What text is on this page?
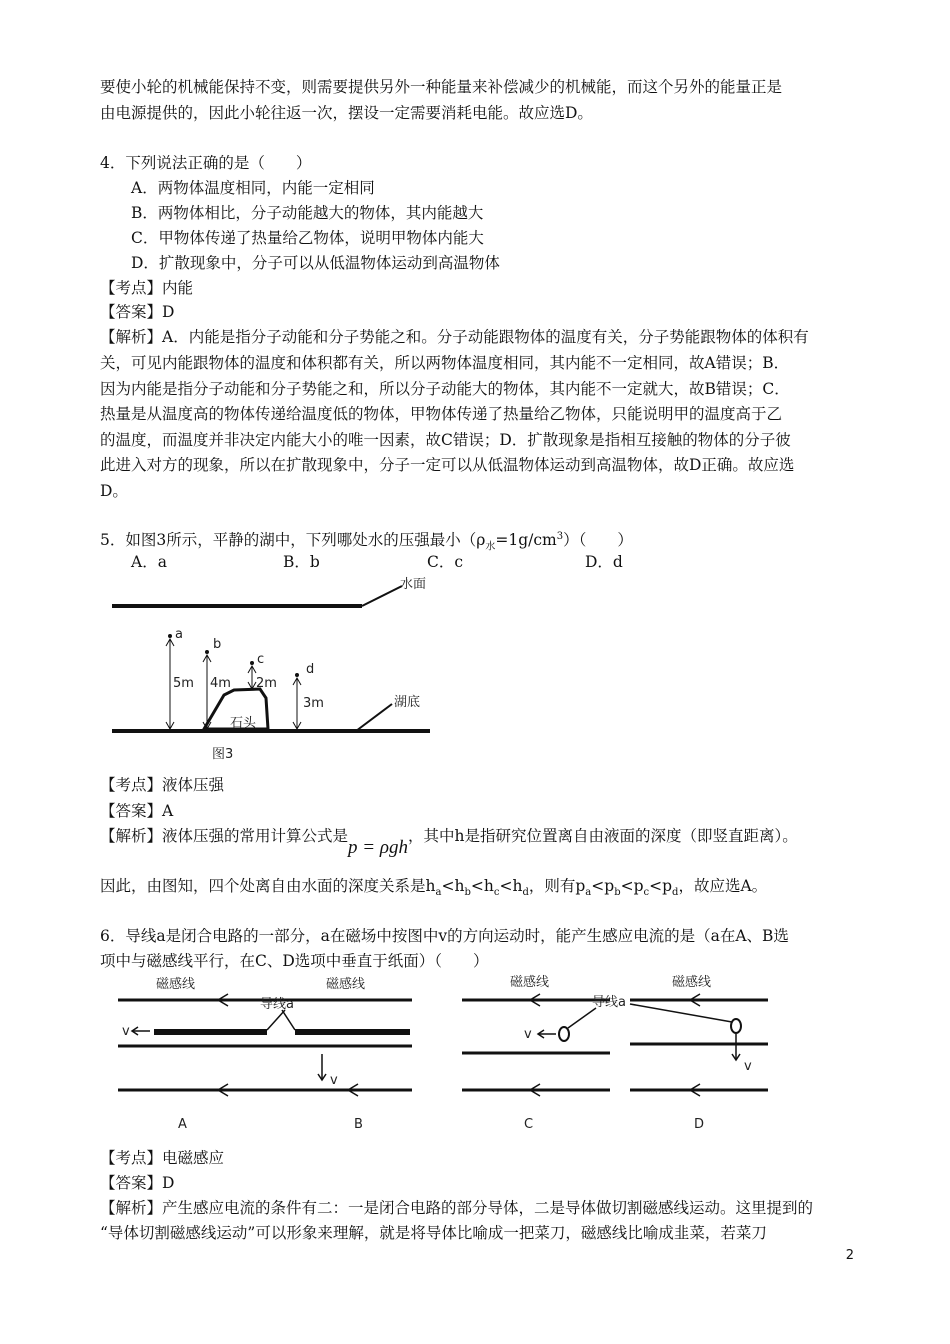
要使小轮的机械能保持不变，则需要提供另外一种能量来补偿减少的机械能，而这个另外的能量正是
由电源提供的，因此小轮往返一次，摆设一定需要消耗电能。故应选D。
4．下列说法正确的是（　　）
A．两物体温度相同，内能一定相同
B．两物体相比，分子动能越大的物体，其内能越大
C．甲物体传递了热量给乙物体，说明甲物体内能大
D．扩散现象中，分子可以从低温物体运动到高温物体
【考点】内能
【答案】D
【解析】A．内能是指分子动能和分子势能之和。分子动能跟物体的温度有关，分子势能跟物体的体积有
关，可见内能跟物体的温度和体积都有关，所以两物体温度相同，其内能不一定相同，故A错误；B．
因为内能是指分子动能和分子势能之和，所以分子动能大的物体，其内能不一定就大，故B错误；C．
热量是从温度高的物体传递给温度低的物体，甲物体传递了热量给乙物体，只能说明甲的温度高于乙
的温度，而温度并非决定内能大小的唯一因素，故C错误；D．扩散现象是指相互接触的物体的分子彼
此进入对方的现象，所以在扩散现象中，分子一定可以从低温物体运动到高温物体，故D正确。故应选
D。
5．如图3所示，平静的湖中，下列哪处水的压强最小$(\rho_水=1g/cm^3)$（　　）
A．a	B．b	C．c	D．d
水面
湖底
石头
a
5m
b
4m
c
2m
d
3m
图3
【考点】液体压强
【答案】A
【解析】液体压强的常用计算公式是p = ρgh，其中h是指研究位置离自由液面的深度（即竖直距离）。
因此，由图知，四个处离自由水面的深度关系是$h_a<h_b<h_c<h_d$，则有$p_a<p_b<p_c<p_d$，故应选A。
6．导线a是闭合电路的一部分，a在磁场中按图中v的方向运动时，能产生感应电流的是（a在A、B选
项中与磁感线平行，在C、D选项中垂直于纸面）（　　）
磁感线
导线a
v
A
磁感线
v
B
磁感线
导线a
v
C
磁感线
v
D
【考点】电磁感应
【答案】D
【解析】产生感应电流的条件有二：一是闭合电路的部分导体，二是导体做切割磁感线运动。这里提到的
“导体切割磁感线运动”可以形象来理解，就是将导体比喻成一把菜刀，磁感线比喻成韭菜，若菜刀
2
